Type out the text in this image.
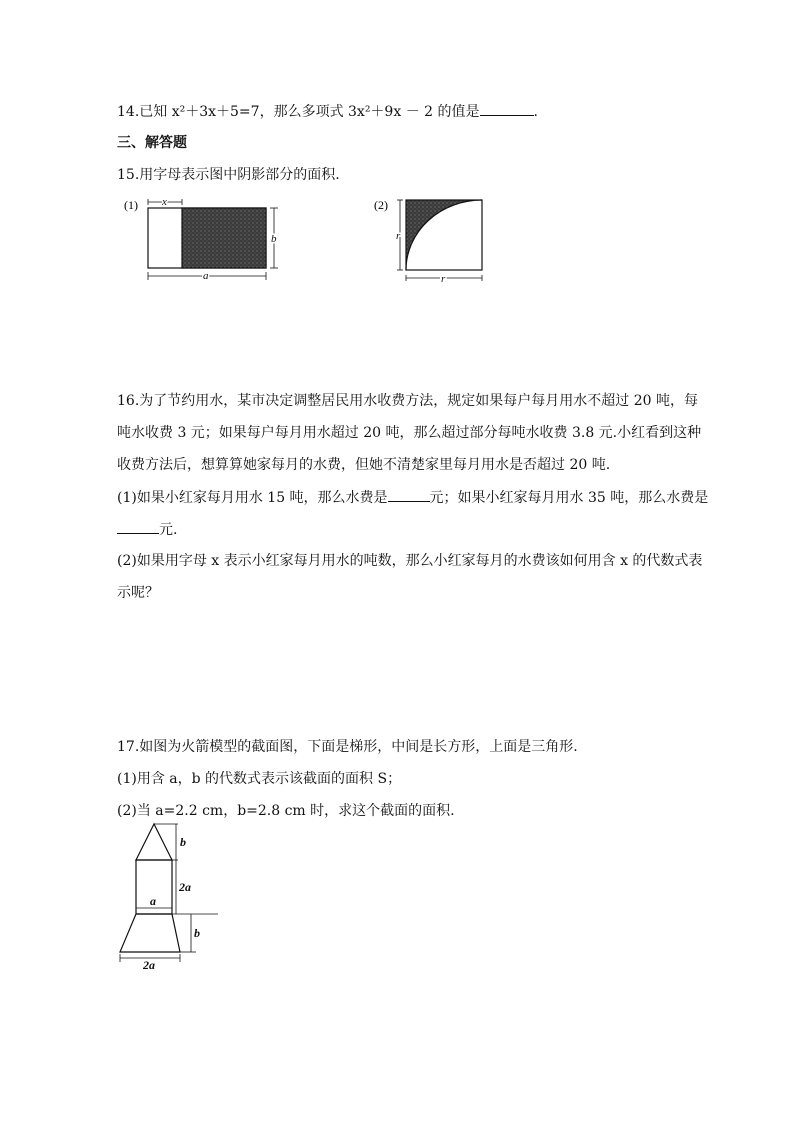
14.已知 x²＋3x＋5=7，那么多项式 3x²＋9x － 2 的值是	.

三、解答题

15.用字母表示图中阴影部分的面积.

(1) x
b
a
(2)
r
r

16.为了节约用水，某市决定调整居民用水收费方法，规定如果每户每月用水不超过 20 吨，每

吨水收费 3 元；如果每户每月用水超过 20 吨，那么超过部分每吨水收费 3.8 元.小红看到这种

收费方法后，想算算她家每月的水费，但她不清楚家里每月用水是否超过 20 吨.

(1)如果小红家每月用水 15 吨，那么水费是	元；如果小红家每月用水 35 吨，那么水费是

元.

(2)如果用字母 x 表示小红家每月用水的吨数，那么小红家每月的水费该如何用含 x 的代数式表

示呢？

17.如图为火箭模型的截面图，下面是梯形，中间是长方形，上面是三角形.

(1)用含 a，b 的代数式表示该截面的面积 S；

(2)当 a=2.2 cm，b=2.8 cm 时，求这个截面的面积.

b
2a
a
b
2a
